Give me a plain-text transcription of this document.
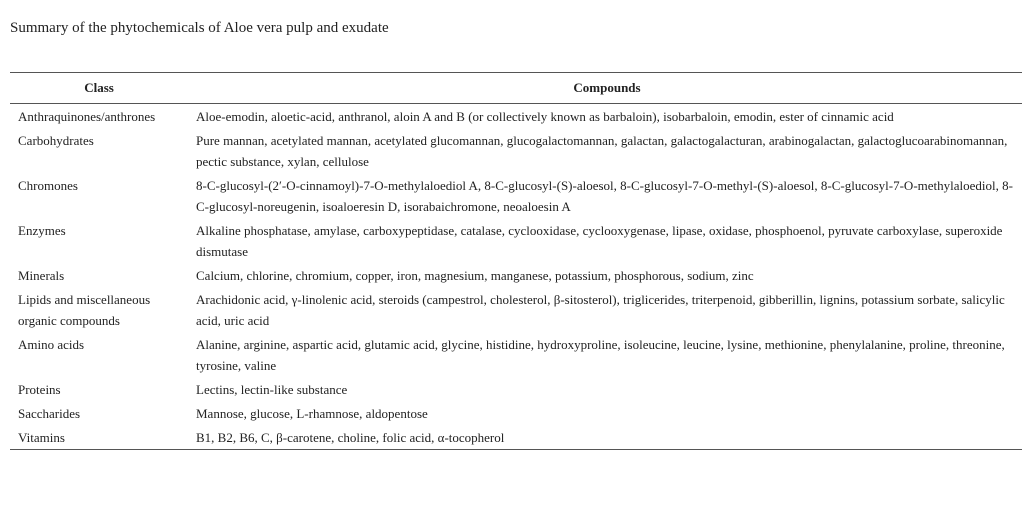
Summary of the phytochemicals of Aloe vera pulp and exudate
Class	Compounds
Anthraquinones/anthrones	Aloe-emodin, aloetic-acid, anthranol, aloin A and B (or collectively known as barbaloin), isobarbaloin, emodin, ester of cinnamic acid
Carbohydrates	Pure mannan, acetylated mannan, acetylated glucomannan, glucogalactomannan, galactan, galactogalacturan, arabinogalactan, galactoglucoarabinomannan, pectic substance, xylan, cellulose
Chromones	8-C-glucosyl-(2′-O-cinnamoyl)-7-O-methylaloediol A, 8-C-glucosyl-(S)-aloesol, 8-C-glucosyl-7-O-methyl-(S)-aloesol, 8-C-glucosyl-7-O-methylaloediol, 8-C-glucosyl-noreugenin, isoaloeresin D, isorabaichromone, neoaloesin A
Enzymes	Alkaline phosphatase, amylase, carboxypeptidase, catalase, cyclooxidase, cyclooxygenase, lipase, oxidase, phosphoenol, pyruvate carboxylase, superoxide dismutase
Minerals	Calcium, chlorine, chromium, copper, iron, magnesium, manganese, potassium, phosphorous, sodium, zinc
Lipids and miscellaneous organic compounds	Arachidonic acid, γ-linolenic acid, steroids (campestrol, cholesterol, β-sitosterol), triglicerides, triterpenoid, gibberillin, lignins, potassium sorbate, salicylic acid, uric acid
Amino acids	Alanine, arginine, aspartic acid, glutamic acid, glycine, histidine, hydroxyproline, isoleucine, leucine, lysine, methionine, phenylalanine, proline, threonine, tyrosine, valine
Proteins	Lectins, lectin-like substance
Saccharides	Mannose, glucose, L-rhamnose, aldopentose
Vitamins	B1, B2, B6, C, β-carotene, choline, folic acid, α-tocopherol
